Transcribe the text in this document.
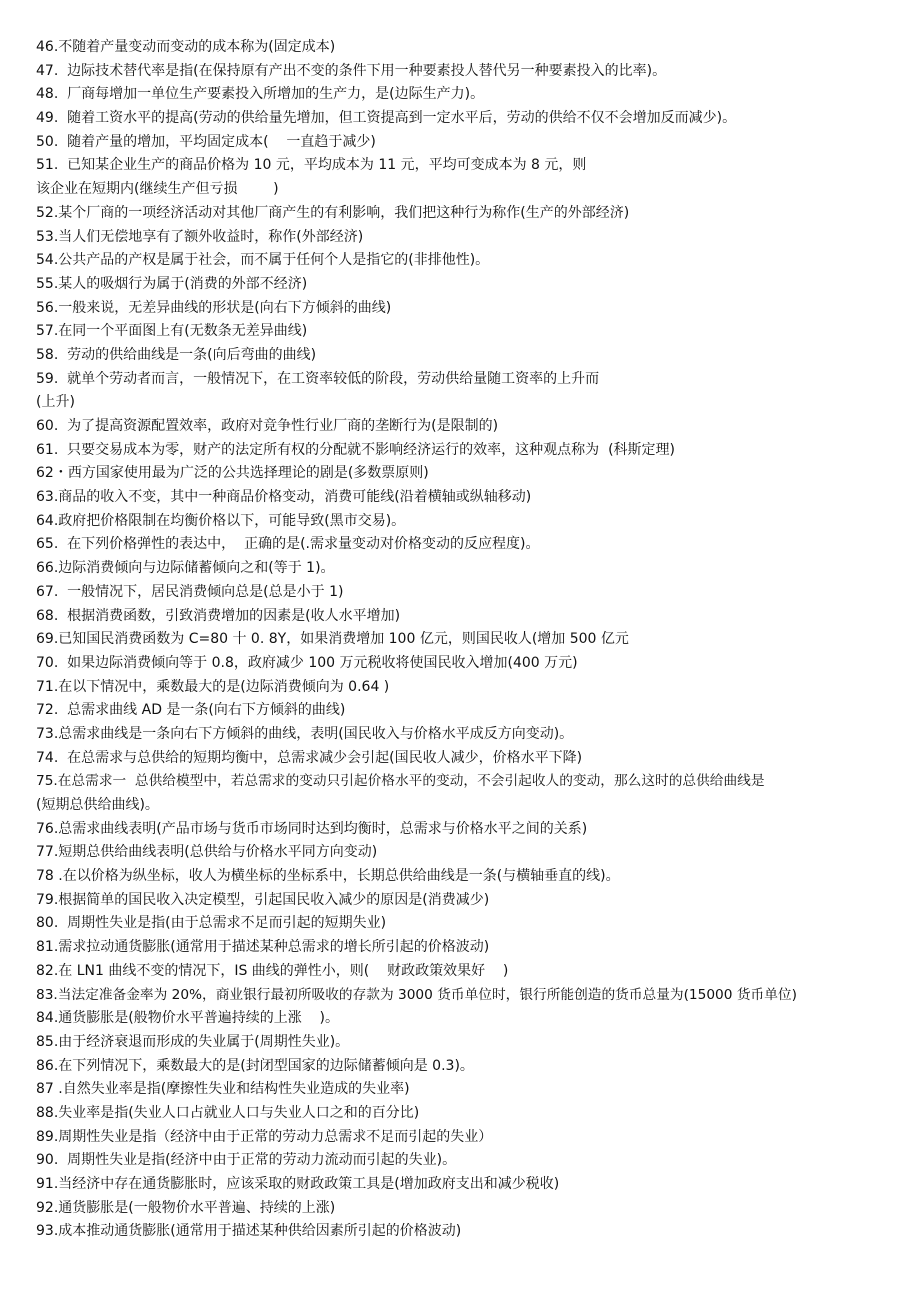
46.不随着产量变动而变动的成本称为(固定成本)
47.  边际技术替代率是指(在保持原有产出不变的条件下用一种要素投人替代另一种要素投入的比率)。
48.  厂商每增加一单位生产要素投入所增加的生产力，是(边际生产力)。
49.  随着工资水平的提高(劳动的供给量先增加，但工资提高到一定水平后，劳动的供给不仅不会增加反而减少)。
50.  随着产量的增加，平均固定成本(    一直趋于减少)
51.  已知某企业生产的商品价格为 10 元，平均成本为 11 元，平均可变成本为 8 元，则
该企业在短期内(继续生产但亏损        )
52.某个厂商的一项经济活动对其他厂商产生的有利影响，我们把这种行为称作(生产的外部经济)
53.当人们无偿地享有了额外收益时，称作(外部经济)
54.公共产品的产权是属于社会，而不属于任何个人是指它的(非排他性)。
55.某人的吸烟行为属于(消费的外部不经济)
56.一般来说，无差异曲线的形状是(向右下方倾斜的曲线)
57.在同一个平面图上有(无数条无差异曲线)
58.  劳动的供给曲线是一条(向后弯曲的曲线)
59.  就单个劳动者而言，一般情况下，在工资率较低的阶段，劳动供给量随工资率的上升而
(上升)
60.  为了提高资源配置效率，政府对竞争性行业厂商的垄断行为(是限制的)
61.  只要交易成本为零，财产的法定所有权的分配就不影响经济运行的效率，这种观点称为  (科斯定理)
62・西方国家使用最为广泛的公共选择理论的剧是(多数票原则)
63.商品的收入不变，其中一种商品价格变动，消费可能线(沿着横轴或纵轴移动)
64.政府把价格限制在均衡价格以下，可能导致(黑市交易)。
65.  在下列价格弹性的表达中，  正确的是(.需求量变动对价格变动的反应程度)。
66.边际消费倾向与边际储蓄倾向之和(等于 1)。
67.  一般情况下，居民消费倾向总是(总是小于 1)
68.  根据消费函数，引致消费增加的因素是(收人水平增加)
69.已知国民消费函数为 C=80 十 0. 8Y，如果消费增加 100 亿元，则国民收人(增加 500 亿元
70.  如果边际消费倾向等于 0.8，政府减少 100 万元税收将使国民收入增加(400 万元)
71.在以下情况中，乘数最大的是(边际消费倾向为 0.64 )
72.  总需求曲线 AD 是一条(向右下方倾斜的曲线)
73.总需求曲线是一条向右下方倾斜的曲线，表明(国民收入与价格水平成反方向变动)。
74.  在总需求与总供给的短期均衡中，总需求减少会引起(国民收人减少，价格水平下降)
75.在总需求一  总供给模型中，若总需求的变动只引起价格水平的变动，不会引起收人的变动，那么这时的总供给曲线是
(短期总供给曲线)。
76.总需求曲线表明(产品市场与货币市场同时达到均衡时，总需求与价格水平之间的关系)
77.短期总供给曲线表明(总供给与价格水平同方向变动)
78 .在以价格为纵坐标，收人为横坐标的坐标系中，长期总供给曲线是一条(与横轴垂直的线)。
79.根据简单的国民收入决定模型，引起国民收入减少的原因是(消费减少)
80.  周期性失业是指(由于总需求不足而引起的短期失业)
81.需求拉动通货膨胀(通常用于描述某种总需求的增长所引起的价格波动)
82.在 LN1 曲线不变的情况下，IS 曲线的弹性小，则(    财政政策效果好    )
83.当法定准备金率为 20%，商业银行最初所吸收的存款为 3000 货币单位时，银行所能创造的货币总量为(15000 货币单位)
84.通货膨胀是(般物价水平普遍持续的上涨    )。
85.由于经济衰退而形成的失业属于(周期性失业)。
86.在下列情况下，乘数最大的是(封闭型国家的边际储蓄倾向是 0.3)。
87 .自然失业率是指(摩擦性失业和结构性失业造成的失业率)
88.失业率是指(失业人口占就业人口与失业人口之和的百分比)
89.周期性失业是指（经济中由于正常的劳动力总需求不足而引起的失业）
90.  周期性失业是指(经济中由于正常的劳动力流动而引起的失业)。
91.当经济中存在通货膨胀时，应该采取的财政政策工具是(增加政府支出和减少税收)
92.通货膨胀是(一般物价水平普遍、持续的上涨)
93.成本推动通货膨胀(通常用于描述某种供给因素所引起的价格波动)
